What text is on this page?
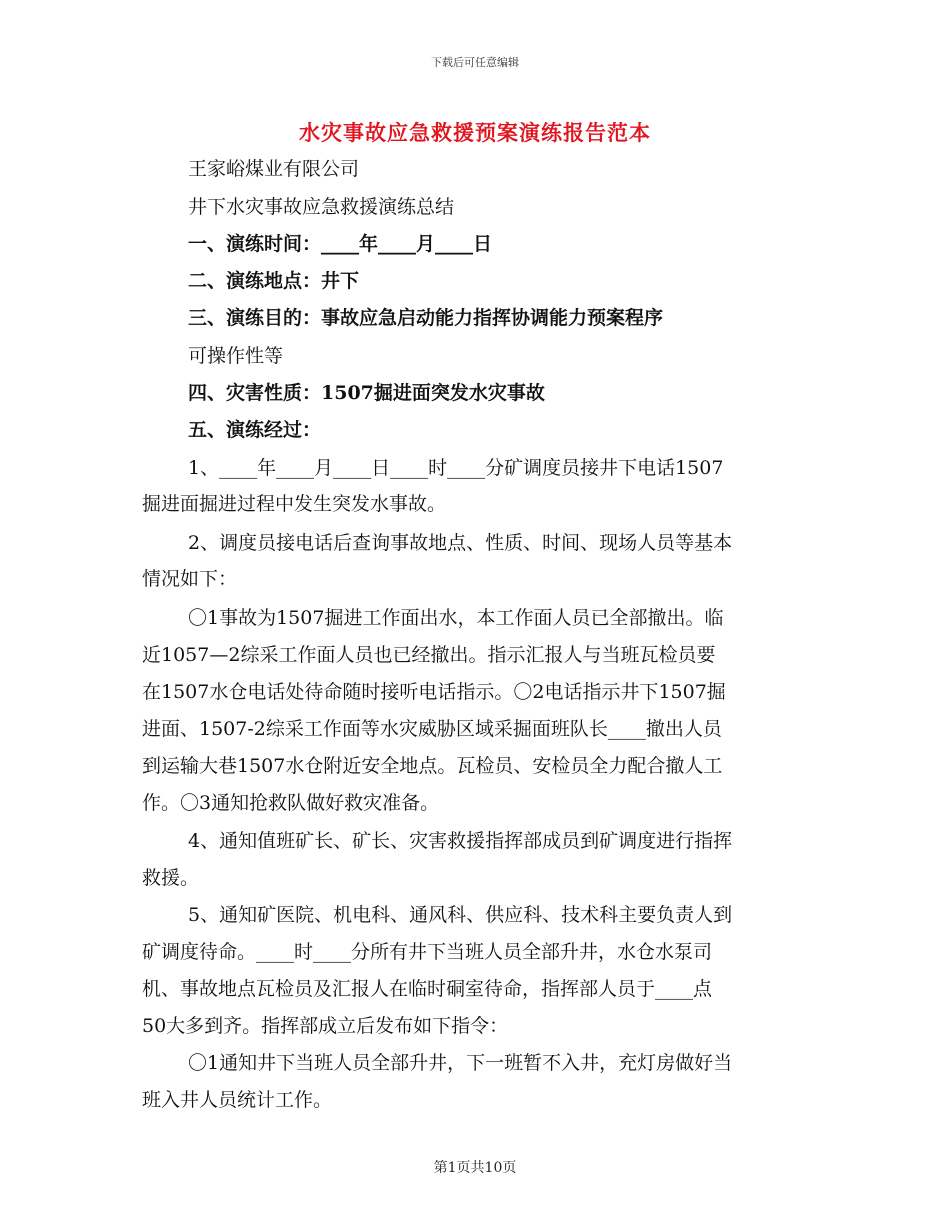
下载后可任意编辑
水灾事故应急救援预案演练报告范本
王家峪煤业有限公司
井下水灾事故应急救援演练总结
一、演练时间：____年____月____日
二、演练地点：井下
三、演练目的：事故应急启动能力指挥协调能力预案程序
可操作性等
四、灾害性质：1507掘进面突发水灾事故
五、演练经过：
1、____年____月____日____时____分矿调度员接井下电话1507
掘进面掘进过程中发生突发水事故。
2、调度员接电话后查询事故地点、性质、时间、现场人员等基本
情况如下：
〇1事故为1507掘进工作面出水，本工作面人员已全部撤出。临
近1057—2综采工作面人员也已经撤出。指示汇报人与当班瓦检员要
在1507水仓电话处待命随时接听电话指示。〇2电话指示井下1507掘
进面、1507-2综采工作面等水灾威胁区域采掘面班队长____撤出人员
到运输大巷1507水仓附近安全地点。瓦检员、安检员全力配合撤人工
作。〇3通知抢救队做好救灾准备。
4、通知值班矿长、矿长、灾害救援指挥部成员到矿调度进行指挥
救援。
5、通知矿医院、机电科、通风科、供应科、技术科主要负责人到
矿调度待命。____时____分所有井下当班人员全部升井，水仓水泵司
机、事故地点瓦检员及汇报人在临时硐室待命，指挥部人员于____点
50大多到齐。指挥部成立后发布如下指令：
〇1通知井下当班人员全部升井，下一班暂不入井，充灯房做好当
班入井人员统计工作。
第1页共10页
